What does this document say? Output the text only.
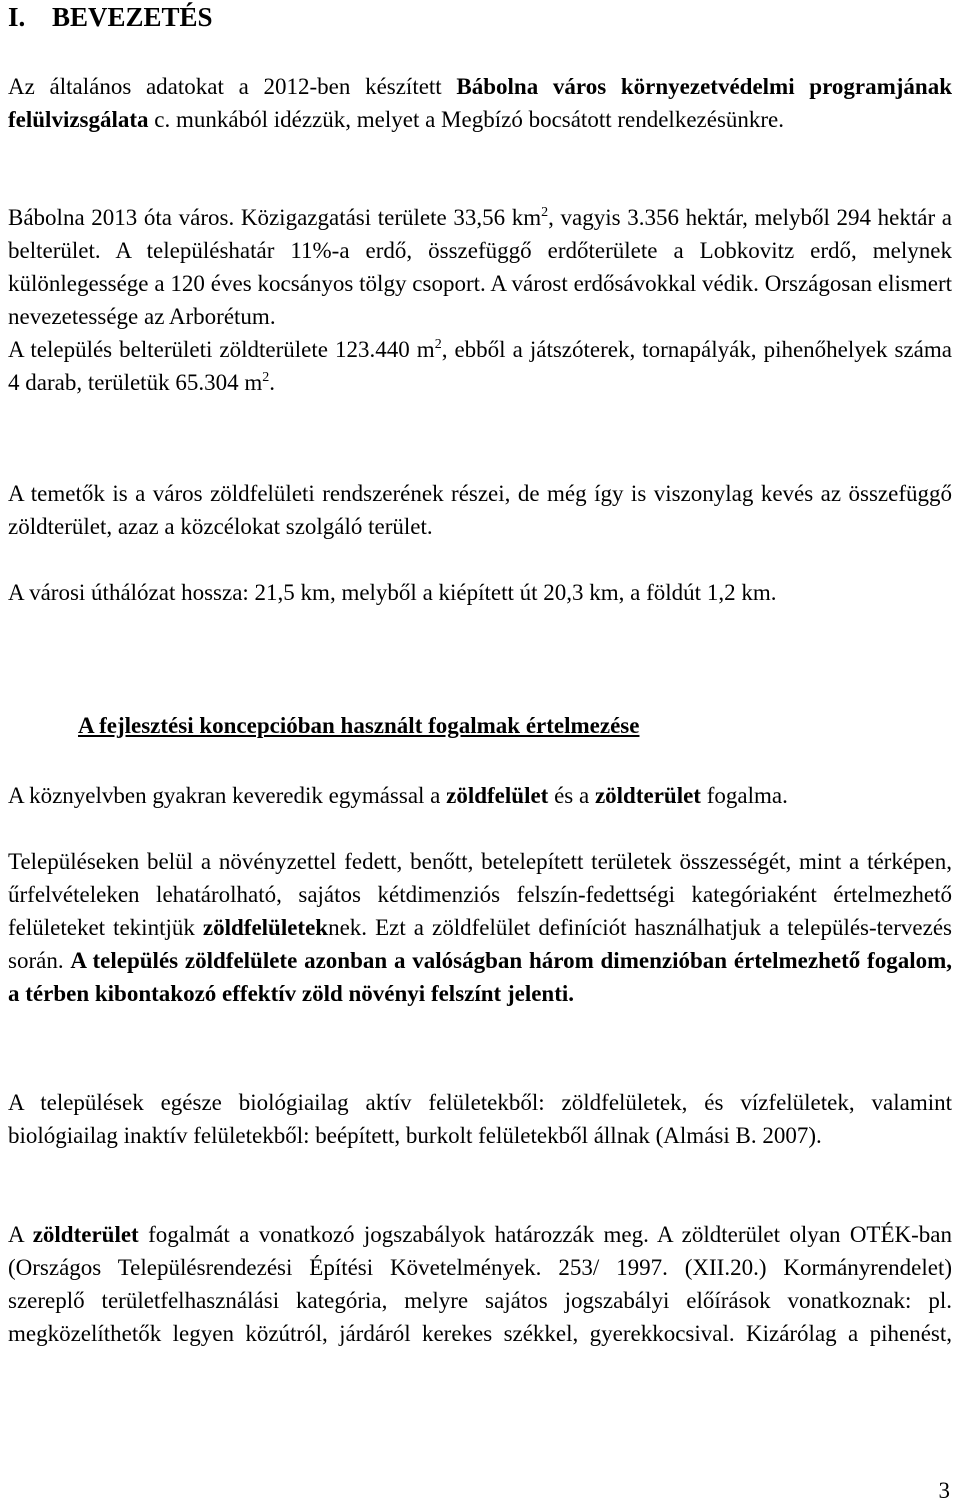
I. BEVEZETÉS

Az általános adatokat a 2012-ben készített Bábolna város környezetvédelmi programjának felülvizsgálata c. munkából idézzük, melyet a Megbízó bocsátott rendelkezésünkre.

Bábolna 2013 óta város. Közigazgatási területe 33,56 $km^2$, vagyis 3.356 hektár, melyből 294 hektár a belterület. A településhatár 11%-a erdő, összefüggő erdőterülete a Lobkovitz erdő, melynek különlegessége a 120 éves kocsányos tölgy csoport. A várost erdősávokkal védik. Országosan elismert nevezetessége az Arborétum.
A település belterületi zöldterülete 123.440 $m^2$, ebből a játszóterek, tornapályák, pihenőhelyek száma 4 darab, területük 65.304 $m^2$.

A temetők is a város zöldfelületi rendszerének részei, de még így is viszonylag kevés az összefüggő zöldterület, azaz a közcélokat szolgáló terület.

A városi úthálózat hossza: 21,5 km, melyből a kiépített út 20,3 km, a földút 1,2 km.

A fejlesztési koncepcióban használt fogalmak értelmezése

A köznyelvben gyakran keveredik egymással a zöldfelület és a zöldterület fogalma.

Településeken belül a növényzettel fedett, benőtt, betelepített területek összességét, mint a térképen, űrfelvételeken lehatárolható, sajátos kétdimenziós felszín-fedettségi kategóriaként értelmezhető felületeket tekintjük zöldfelületeknek. Ezt a zöldfelület definíciót használhatjuk a település-tervezés során. A település zöldfelülete azonban a valóságban három dimenzióban értelmezhető fogalom, a térben kibontakozó effektív zöld növényi felszínt jelenti.

A települések egésze biológiailag aktív felületekből: zöldfelületek, és vízfelületek, valamint biológiailag inaktív felületekből: beépített, burkolt felületekből állnak (Almási B. 2007).

A zöldterület fogalmát a vonatkozó jogszabályok határozzák meg. A zöldterület olyan OTÉK-ban (Országos Településrendezési Építési Követelmények. 253/ 1997. (XII.20.) Kormányrendelet) szereplő területfelhasználási kategória, melyre sajátos jogszabályi előírások vonatkoznak: pl. megközelíthetők legyen közútról, járdáról kerekes székkel, gyerekkocsival. Kizárólag a pihenést,

3
